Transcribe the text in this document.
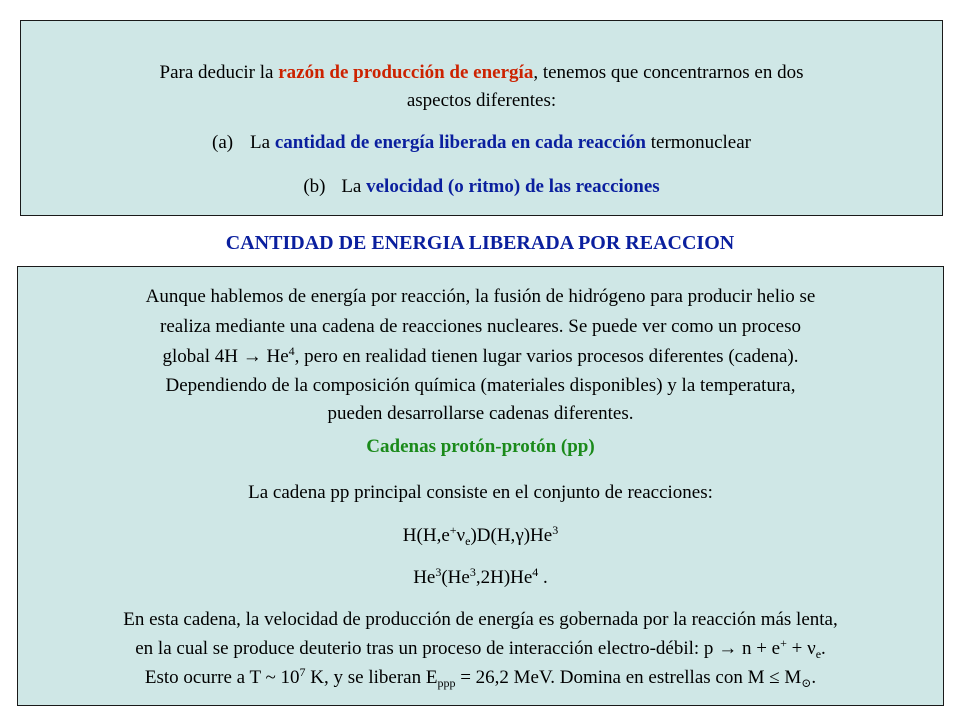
Para deducir la razón de producción de energía, tenemos que concentrarnos en dos
aspectos diferentes:
(a) La cantidad de energía liberada en cada reacción termonuclear
(b) La velocidad (o ritmo) de las reacciones
CANTIDAD DE ENERGIA LIBERADA POR REACCION
Aunque hablemos de energía por reacción, la fusión de hidrógeno para producir helio se
realiza mediante una cadena de reacciones nucleares. Se puede ver como un proceso
global $4H \to He^4$, pero en realidad tienen lugar varios procesos diferentes (cadena).
Dependiendo de la composición química (materiales disponibles) y la temperatura,
pueden desarrollarse cadenas diferentes.
Cadenas protón-protón (pp)
La cadena pp principal consiste en el conjunto de reacciones:
$H(H,e^+\nu_e)D(H,\gamma)He^3$
He$^3$(He$^3$,2H)He$^4$ .
En esta cadena, la velocidad de producción de energía es gobernada por la reacción más lenta,
en la cual se produce deuterio tras un proceso de interacción electro-débil: $p \to n + e^+ + \nu_e$.
Esto ocurre a T ~ $10^7$ K, y se liberan $E_{ppp} = 26,2$ MeV. Domina en estrellas con $M \le M_⊙$.
